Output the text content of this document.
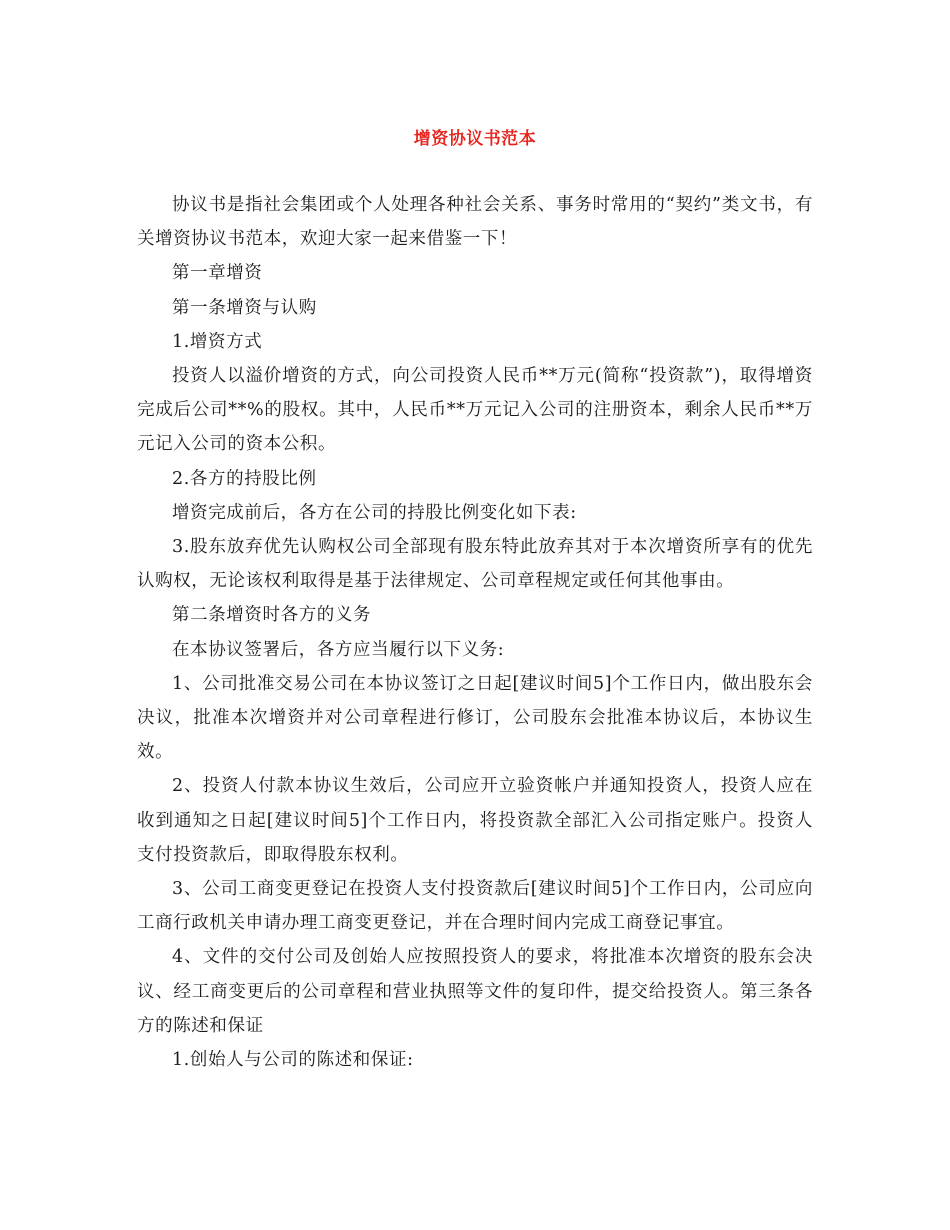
增资协议书范本

协议书是指社会集团或个人处理各种社会关系、事务时常用的“契约”类文书，有关增资协议书范本，欢迎大家一起来借鉴一下！

第一章增资

第一条增资与认购

1.增资方式

投资人以溢价增资的方式，向公司投资人民币**万元(简称“投资款”)，取得增资完成后公司**%的股权。其中，人民币**万元记入公司的注册资本，剩余人民币**万元记入公司的资本公积。

2.各方的持股比例

增资完成前后，各方在公司的持股比例变化如下表:

3.股东放弃优先认购权公司全部现有股东特此放弃其对于本次增资所享有的优先认购权，无论该权利取得是基于法律规定、公司章程规定或任何其他事由。

第二条增资时各方的义务

在本协议签署后，各方应当履行以下义务:

1、公司批准交易公司在本协议签订之日起[建议时间5]个工作日内，做出股东会决议，批准本次增资并对公司章程进行修订，公司股东会批准本协议后，本协议生效。

2、投资人付款本协议生效后，公司应开立验资帐户并通知投资人，投资人应在收到通知之日起[建议时间5]个工作日内，将投资款全部汇入公司指定账户。投资人支付投资款后，即取得股东权利。

3、公司工商变更登记在投资人支付投资款后[建议时间5]个工作日内，公司应向工商行政机关申请办理工商变更登记，并在合理时间内完成工商登记事宜。

4、文件的交付公司及创始人应按照投资人的要求，将批准本次增资的股东会决议、经工商变更后的公司章程和营业执照等文件的复印件，提交给投资人。第三条各方的陈述和保证

1.创始人与公司的陈述和保证:
